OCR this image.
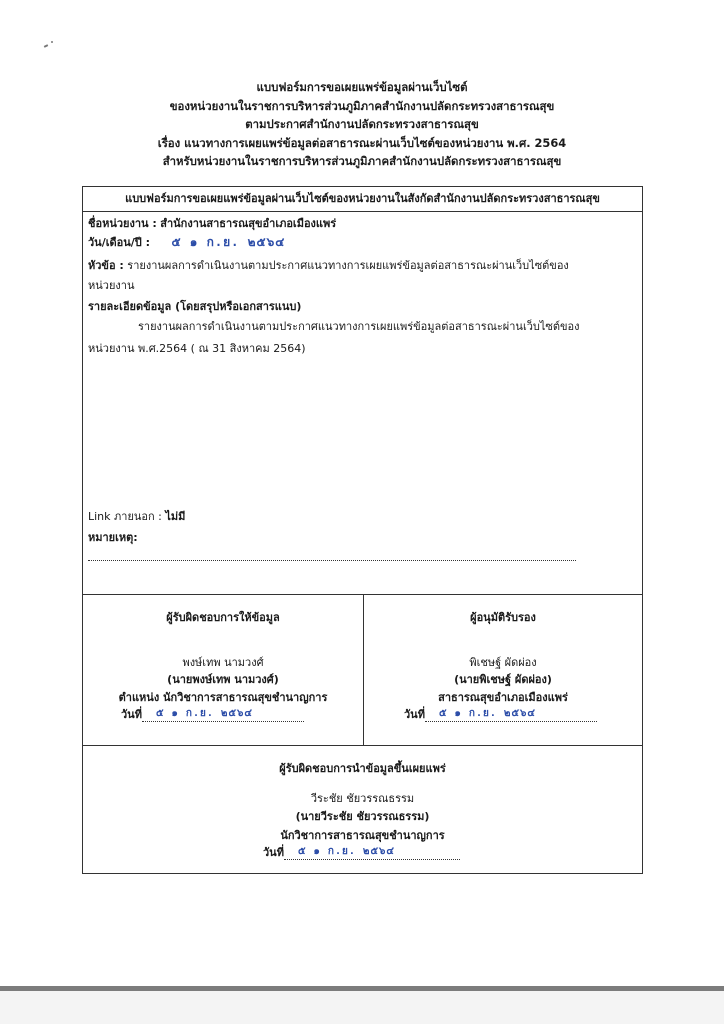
แบบฟอร์มการขอเผยแพร่ข้อมูลผ่านเว็บไซต์
ของหน่วยงานในราชการบริหารส่วนภูมิภาคสำนักงานปลัดกระทรวงสาธารณสุข
ตามประกาศสำนักงานปลัดกระทรวงสาธารณสุข
เรื่อง แนวทางการเผยแพร่ข้อมูลต่อสาธารณะผ่านเว็บไซต์ของหน่วยงาน พ.ศ. 2564
สำหรับหน่วยงานในราชการบริหารส่วนภูมิภาคสำนักงานปลัดกระทรวงสาธารณสุข
แบบฟอร์มการขอเผยแพร่ข้อมูลผ่านเว็บไซต์ของหน่วยงานในสังกัดสำนักงานปลัดกระทรวงสาธารณสุข
ชื่อหน่วยงาน : สำนักงานสาธารณสุขอำเภอเมืองแพร่
วัน/เดือน/ปี : ๕ ๑ ก.ย. ๒๕๖๔
หัวข้อ : รายงานผลการดำเนินงานตามประกาศแนวทางการเผยแพร่ข้อมูลต่อสาธารณะผ่านเว็บไซต์ของ
หน่วยงาน
รายละเอียดข้อมูล (โดยสรุปหรือเอกสารแนบ)
รายงานผลการดำเนินงานตามประกาศแนวทางการเผยแพร่ข้อมูลต่อสาธารณะผ่านเว็บไซต์ของ
หน่วยงาน พ.ศ.2564 ( ณ 31 สิงหาคม 2564)
Link ภายนอก : ไม่มี
หมายเหตุ:
ผู้รับผิดชอบการให้ข้อมูล
พงษ์เทพ นามวงศ์
(นายพงษ์เทพ นามวงศ์)
ตำแหน่ง นักวิชาการสาธารณสุขชำนาญการ
วันที่ ๕ ๑ ก.ย. ๒๕๖๔
ผู้อนุมัติรับรอง
พิเชษฐ์ ผัดผ่อง
(นายพิเชษฐ์ ผัดผ่อง)
สาธารณสุขอำเภอเมืองแพร่
วันที่ ๕ ๑ ก.ย. ๒๕๖๔
ผู้รับผิดชอบการนำข้อมูลขึ้นเผยแพร่
วีระชัย ชัยวรรณธรรม
(นายวีระชัย ชัยวรรณธรรม)
นักวิชาการสาธารณสุขชำนาญการ
วันที่ ๕ ๑ ก.ย. ๒๕๖๔
